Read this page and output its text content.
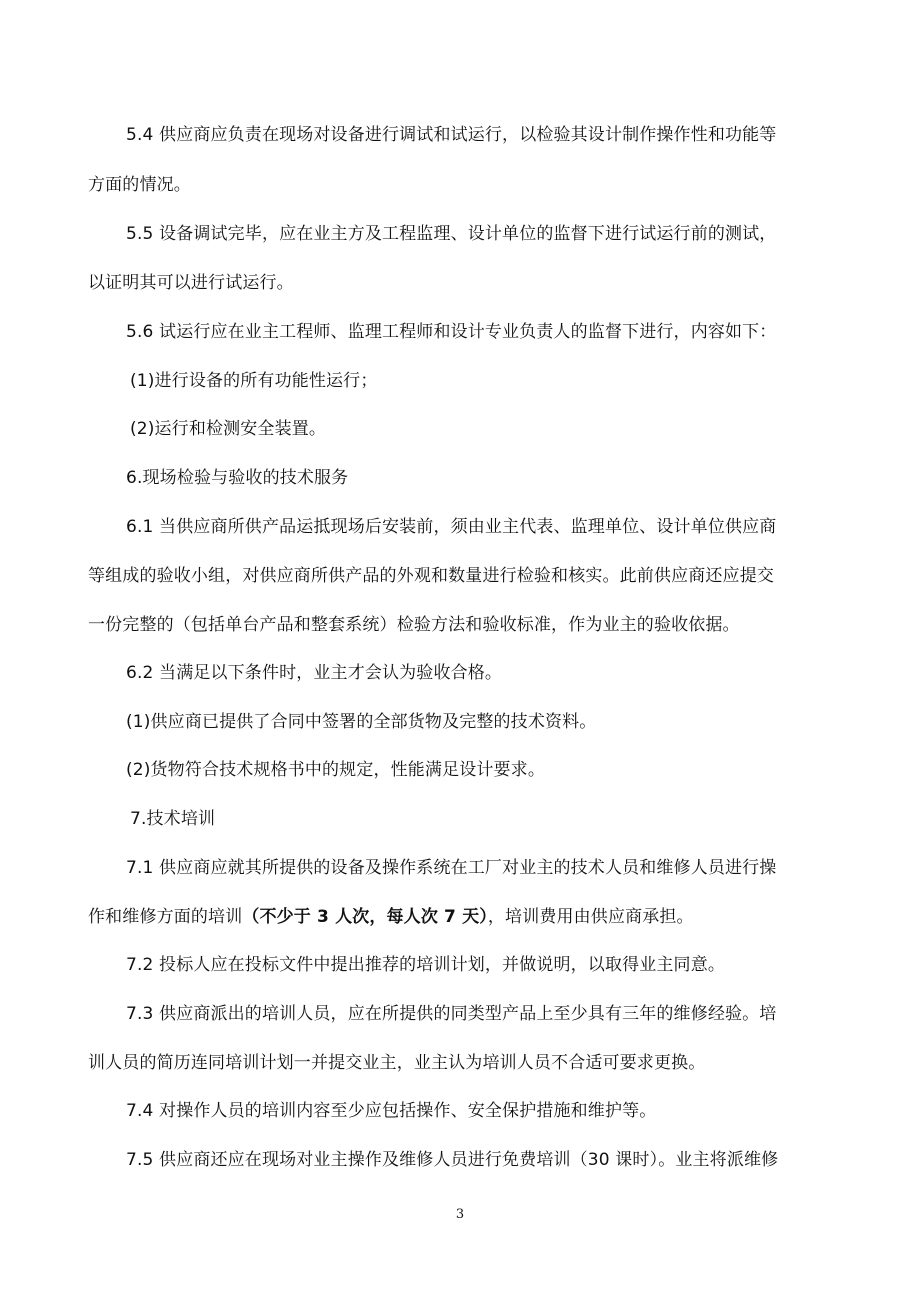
5.4 供应商应负责在现场对设备进行调试和试运行，以检验其设计制作操作性和功能等
方面的情况。
5.5 设备调试完毕，应在业主方及工程监理、设计单位的监督下进行试运行前的测试，
以证明其可以进行试运行。
5.6 试运行应在业主工程师、监理工程师和设计专业负责人的监督下进行，内容如下：
(1)进行设备的所有功能性运行；
(2)运行和检测安全装置。
6.现场检验与验收的技术服务
6.1 当供应商所供产品运抵现场后安装前，须由业主代表、监理单位、设计单位供应商
等组成的验收小组，对供应商所供产品的外观和数量进行检验和核实。此前供应商还应提交
一份完整的（包括单台产品和整套系统）检验方法和验收标准，作为业主的验收依据。
6.2 当满足以下条件时，业主才会认为验收合格。
(1)供应商已提供了合同中签署的全部货物及完整的技术资料。
(2)货物符合技术规格书中的规定，性能满足设计要求。
7.技术培训
7.1 供应商应就其所提供的设备及操作系统在工厂对业主的技术人员和维修人员进行操
作和维修方面的培训（不少于 3 人次，每人次 7 天），培训费用由供应商承担。
7.2 投标人应在投标文件中提出推荐的培训计划，并做说明，以取得业主同意。
7.3 供应商派出的培训人员，应在所提供的同类型产品上至少具有三年的维修经验。培
训人员的简历连同培训计划一并提交业主，业主认为培训人员不合适可要求更换。
7.4 对操作人员的培训内容至少应包括操作、安全保护措施和维护等。
7.5 供应商还应在现场对业主操作及维修人员进行免费培训（30 课时）。业主将派维修
3
